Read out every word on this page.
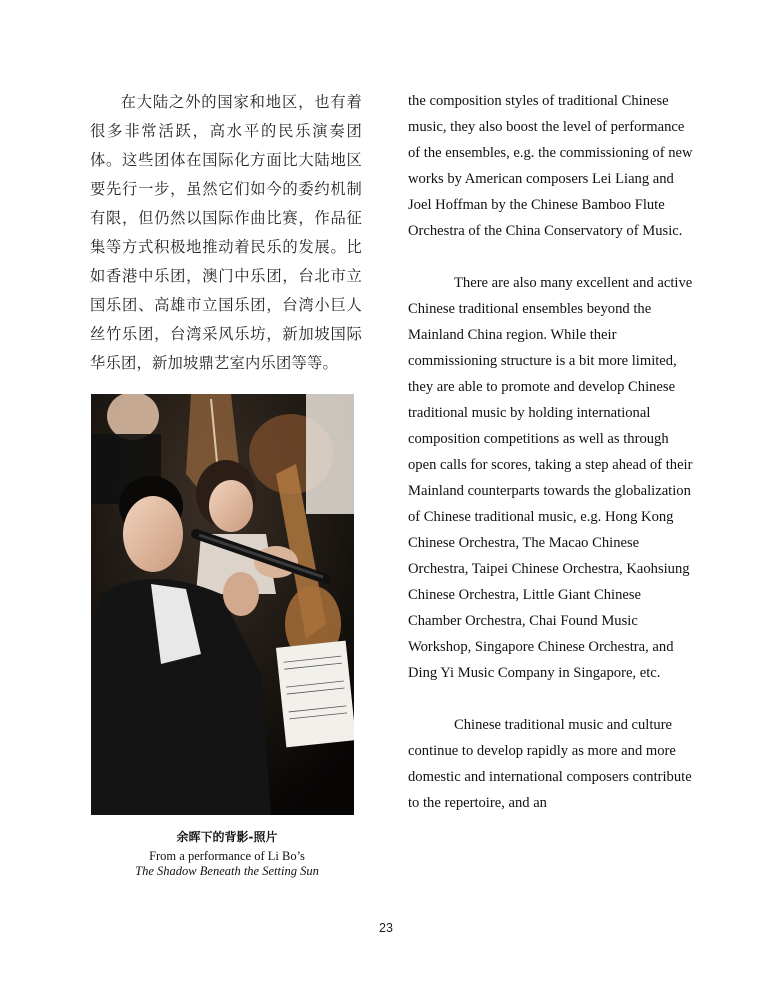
在大陆之外的国家和地区，也有着很多非常活跃，高水平的民乐演奏团体。这些团体在国际化方面比大陆地区要先行一步，虽然它们如今的委约机制有限，但仍然以国际作曲比赛，作品征集等方式积极地推动着民乐的发展。比如香港中乐团，澳门中乐团，台北市立国乐团、高雄市立国乐团，台湾小巨人丝竹乐团，台湾采风乐坊，新加坡国际华乐团，新加坡鼎艺室内乐团等等。

余晖下的背影-照片
From a performance of Li Bo’s
The Shadow Beneath the Setting Sun

the composition styles of traditional Chinese music, they also boost the level of performance of the ensembles, e.g. the commissioning of new works by American composers Lei Liang and Joel Hoffman by the Chinese Bamboo Flute Orchestra of the China Conservatory of Music.

There are also many excellent and active Chinese traditional ensembles beyond the Mainland China region. While their commissioning structure is a bit more limited, they are able to promote and develop Chinese traditional music by holding international composition competitions as well as through open calls for scores, taking a step ahead of their Mainland counterparts towards the globalization of Chinese traditional music, e.g. Hong Kong Chinese Orchestra, The Macao Chinese Orchestra, Taipei Chinese Orchestra, Kaohsiung Chinese Orchestra, Little Giant Chinese Chamber Orchestra, Chai Found Music Workshop, Singapore Chinese Orchestra, and Ding Yi Music Company in Singapore, etc.

Chinese traditional music and culture continue to develop rapidly as more and more domestic and international composers contribute to the repertoire, and an

23
